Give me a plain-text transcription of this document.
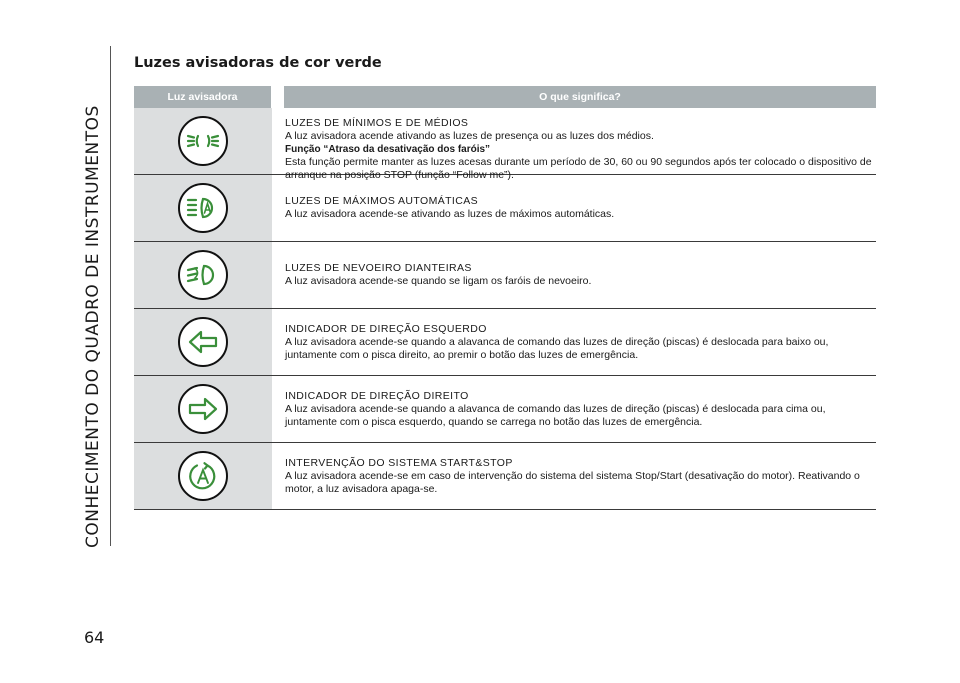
CONHECIMENTO DO QUADRO DE INSTRUMENTOS
64
Luzes avisadoras de cor verde
Luz avisadora	O que significa?
LUZES DE MÍNIMOS E DE MÉDIOS
A luz avisadora acende ativando as luzes de presença ou as luzes dos médios.
Função “Atraso da desativação dos faróis”
Esta função permite manter as luzes acesas durante um período de 30, 60 ou 90 segundos após ter colocado o dispositivo de arranque na posição STOP (função “Follow me”).
LUZES DE MÁXIMOS AUTOMÁTICAS
A luz avisadora acende-se ativando as luzes de máximos automáticas.
LUZES DE NEVOEIRO DIANTEIRAS
A luz avisadora acende-se quando se ligam os faróis de nevoeiro.
INDICADOR DE DIREÇÃO ESQUERDO
A luz avisadora acende-se quando a alavanca de comando das luzes de direção (piscas) é deslocada para baixo ou, juntamente com o pisca direito, ao premir o botão das luzes de emergência.
INDICADOR DE DIREÇÃO DIREITO
A luz avisadora acende-se quando a alavanca de comando das luzes de direção (piscas) é deslocada para cima ou, juntamente com o pisca esquerdo, quando se carrega no botão das luzes de emergência.
INTERVENÇÃO DO SISTEMA START&STOP
A luz avisadora acende-se em caso de intervenção do sistema del sistema Stop/Start (desativação do motor). Reativando o motor, a luz avisadora apaga-se.
